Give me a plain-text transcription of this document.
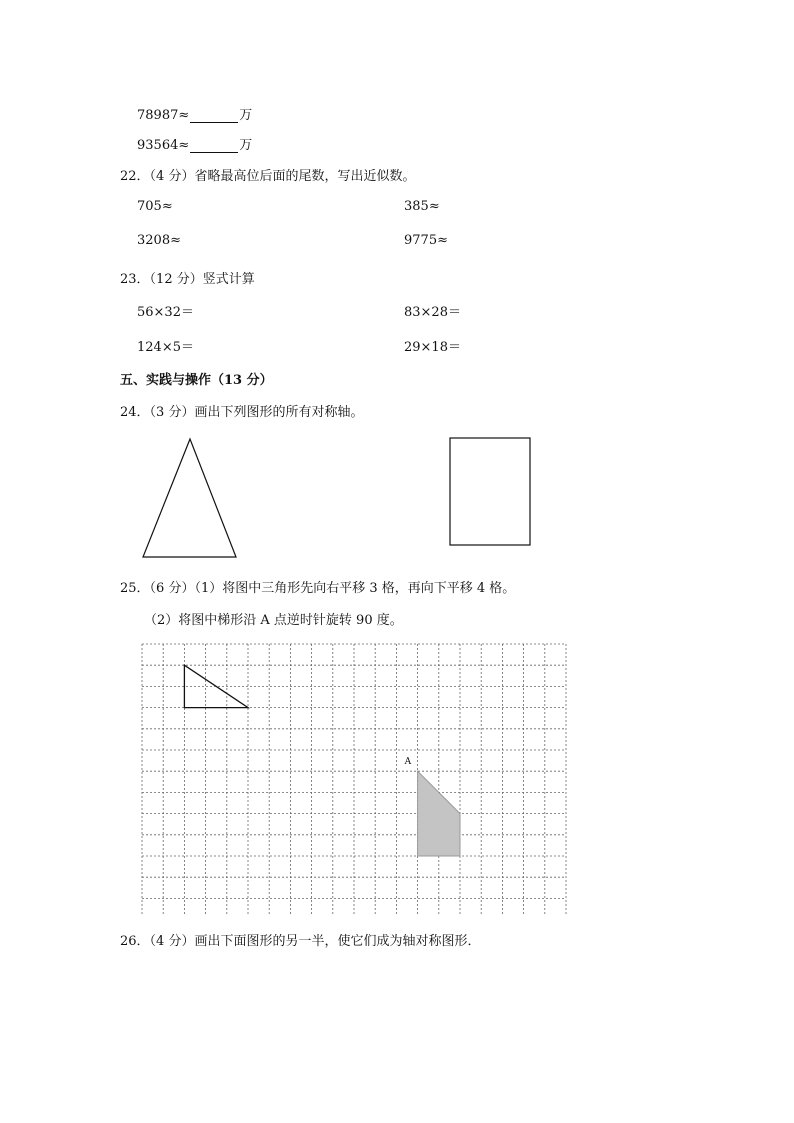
78987≈	万
93564≈	万
22．（4 分）省略最高位后面的尾数，写出近似数。
705≈	385≈
3208≈	9775≈
23．（12 分）竖式计算
56×32＝	83×28＝
124×5＝	29×18＝
五、实践与操作（13 分）
24．（3 分）画出下列图形的所有对称轴。
25．（6 分）（1）将图中三角形先向右平移 3 格，再向下平移 4 格。
（2）将图中梯形沿 A 点逆时针旋转 90 度。
A
26．（4 分）画出下面图形的另一半，使它们成为轴对称图形．
